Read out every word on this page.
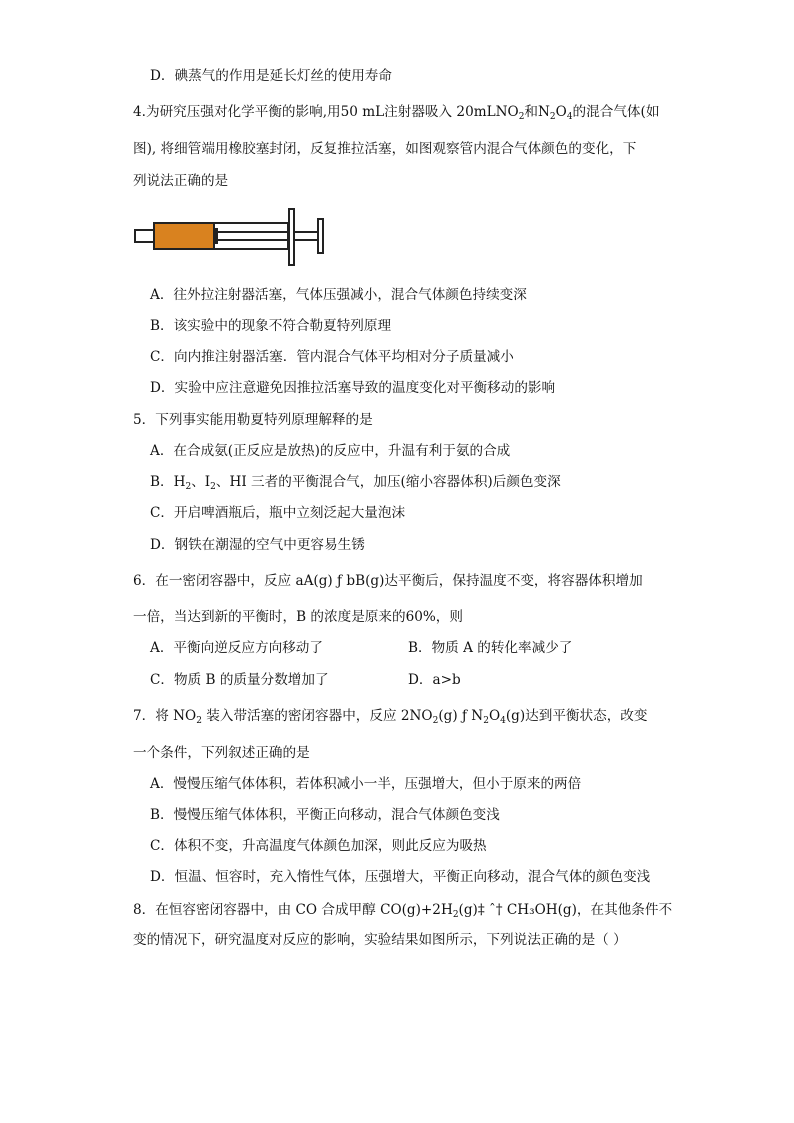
D．碘蒸气的作用是延长灯丝的使用寿命
4.为研究压强对化学平衡的影响,用50 mL注射器吸入 20mLNO$_2$和$N_2O_4$的混合气体(如
图), 将细管端用橡胶塞封闭，反复推拉活塞，如图观察管内混合气体颜色的变化，下
列说法正确的是
A．往外拉注射器活塞，气体压强减小，混合气体颜色持续变深
B．该实验中的现象不符合勒夏特列原理
C．向内推注射器活塞．管内混合气体平均相对分子质量减小
D．实验中应注意避免因推拉活塞导致的温度变化对平衡移动的影响
5．下列事实能用勒夏特列原理解释的是
A．在合成氨(正反应是放热)的反应中，升温有利于氨的合成
B．$H_2$、$I_2$、HI 三者的平衡混合气，加压(缩小容器体积)后颜色变深
C．开启啤酒瓶后，瓶中立刻泛起大量泡沫
D．钢铁在潮湿的空气中更容易生锈
6．在一密闭容器中，反应 aA(g) ƒ bB(g)达平衡后，保持温度不变，将容器体积增加
一倍，当达到新的平衡时，B 的浓度是原来的60%，则
A．平衡向逆反应方向移动了	B．物质 A 的转化率减少了
C．物质 B 的质量分数增加了	D．a>b
7．将 $NO_2$ 装入带活塞的密闭容器中，反应 $2NO_2(g)$ ƒ $N_2O_4(g)$达到平衡状态，改变
一个条件，下列叙述正确的是
A．慢慢压缩气体体积，若体积减小一半，压强增大，但小于原来的两倍
B．慢慢压缩气体体积，平衡正向移动，混合气体颜色变浅
C．体积不变，升高温度气体颜色加深，则此反应为吸热
D．恒温、恒容时，充入惰性气体，压强增大，平衡正向移动，混合气体的颜色变浅
8．在恒容密闭容器中，由 CO 合成甲醇 $CO(g)+2H_2(g)\ddagger$ ˆ† CH₃OH(g)，在其他条件不
变的情况下，研究温度对反应的影响，实验结果如图所示，下列说法正确的是（ ）
